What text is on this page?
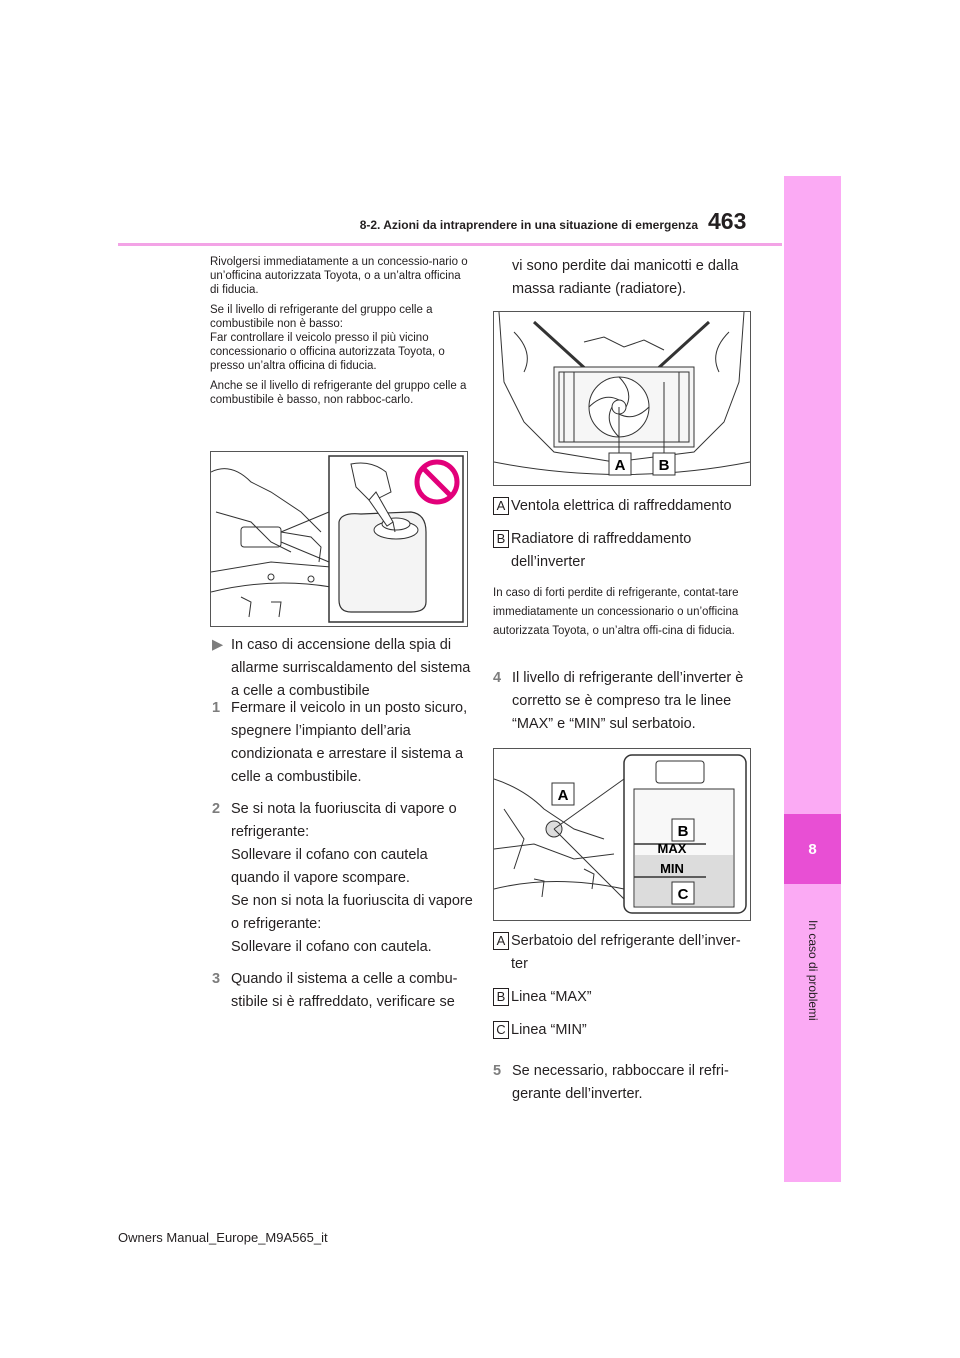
463
8-2. Azioni da intraprendere in una situazione di emergenza
8
In caso di problemi

Rivolgersi immediatamente a un concessio-nario o un’officina autorizzata Toyota, o a un’altra officina di fiducia.

Se il livello di refrigerante del gruppo celle a combustibile non è basso:

Far controllare il veicolo presso il più vicino concessionario o officina autorizzata Toyota, o presso un’altra officina di fiducia.

Anche se il livello di refrigerante del gruppo celle a combustibile è basso, non rabboc-carlo.

▶ In caso di accensione della spia di allarme surriscaldamento del sistema a celle a combustibile
1 Fermare il veicolo in un posto sicuro, spegnere l’impianto dell’aria condizionata e arrestare il sistema a celle a combustibile.
2 Se si nota la fuoriuscita di vapore o refrigerante:
Sollevare il cofano con cautela quando il vapore scompare.
Se non si nota la fuoriuscita di vapore o refrigerante:
Sollevare il cofano con cautela.
3 Quando il sistema a celle a combu-stibile si è raffreddato, verificare se
vi sono perdite dai manicotti e dalla massa radiante (radiatore).
A B
A Ventola elettrica di raffreddamento
B Radiatore di raffreddamento dell’inverter
In caso di forti perdite di refrigerante, contat-tare immediatamente un concessionario o un’officina autorizzata Toyota, o un’altra offi-cina di fiducia.
4 Il livello di refrigerante dell’inverter è corretto se è compreso tra le linee “MAX” e “MIN” sul serbatoio.
MAX
MIN
A
B
C
A Serbatoio del refrigerante dell’inver-ter
B Linea “MAX”
C Linea “MIN”
5 Se necessario, rabboccare il refri-gerante dell’inverter.
Owners Manual_Europe_M9A565_it
